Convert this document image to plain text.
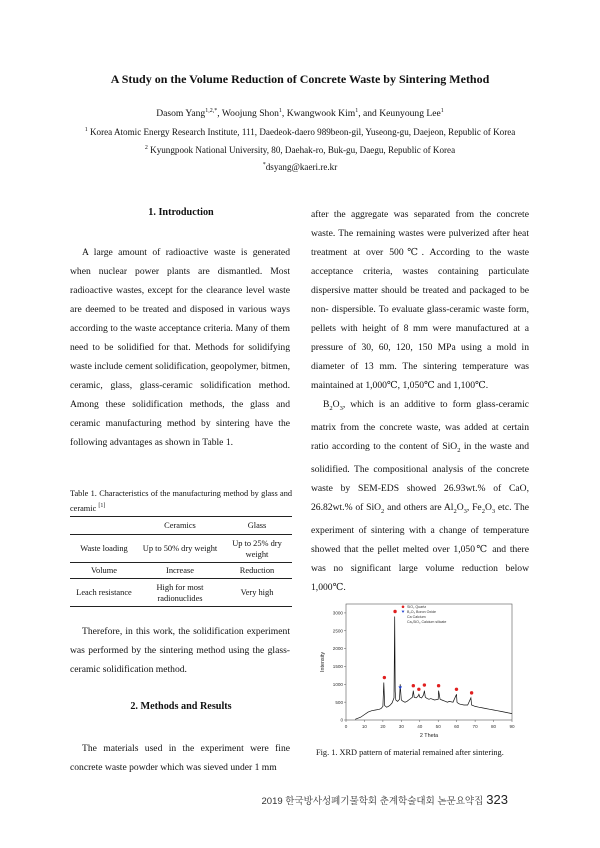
A Study on the Volume Reduction of Concrete Waste by Sintering Method
Dasom Yang$^{1,2,*}$, Woojung Shon$^1$, Kwangwook Kim$^1$, and Keunyoung Lee$^1$
$^1$ Korea Atomic Energy Research Institute, 111, Daedeok-daero 989beon-gil, Yuseong-gu, Daejeon, Republic of Korea
$^2$ Kyungpook National University, 80, Daehak-ro, Buk-gu, Daegu, Republic of Korea
*dsyang@kaeri.re.kr
1. Introduction
A large amount of radioactive waste is generated when nuclear power plants are dismantled. Most radioactive wastes, except for the clearance level waste are deemed to be treated and disposed in various ways according to the waste acceptance criteria. Many of them need to be solidified for that. Methods for solidifying waste include cement solidification, geopolymer, bitmen, ceramic, glass, glass-ceramic solidification method. Among these solidification methods, the glass and ceramic manufacturing method by sintering have the following advantages as shown in Table 1.
Table 1. Characteristics of the manufacturing method by glass and ceramic [1]
	Ceramics	Glass
Waste loading	Up to 50% dry weight	Up to 25% dry weight
Volume	Increase	Reduction
Leach resistance	High for most radionuclides	Very high
Therefore, in this work, the solidification experiment was performed by the sintering method using the glass-ceramic solidification method.
2. Methods and Results
The materials used in the experiment were fine concrete waste powder which was sieved under 1 mm
after the aggregate was separated from the concrete waste. The remaining wastes were pulverized after heat treatment at over 500℃. According to the waste acceptance criteria, wastes containing particulate dispersive matter should be treated and packaged to be non- dispersible. To evaluate glass-ceramic waste form, pellets with height of 8 mm were manufactured at a pressure of 30, 60, 120, 150 MPa using a mold in diameter of 13 mm. The sintering temperature was maintained at 1,000℃, 1,050℃ and 1,100℃.
$B_2O_3$, which is an additive to form glass-ceramic matrix from the concrete waste, was added at certain ratio according to the content of SiO$_2$ in the waste and solidified. The compositional analysis of the concrete waste by SEM-EDS showed 26.93wt.% of CaO, 26.82wt.% of SiO$_2$ and others are $Al_2O_3$, $Fe_2O_3$ etc. The experiment of sintering with a change of temperature showed that the pellet melted over 1,050℃ and there was no significant large volume reduction below 1,000℃.
0	10	20	30	40	50	60	70	80	90
0
500
1000
1500
2000
2500
3000
2 Theta
Intensity
SiO₂ Quartz
B₂O₃ Boron Oxide
Ca Calcium
Ca₂SiO₄ Calcium silicate
Fig. 1. XRD pattern of material remained after sintering.
2019 한국방사성폐기물학회 춘계학술대회 논문요약집 323
